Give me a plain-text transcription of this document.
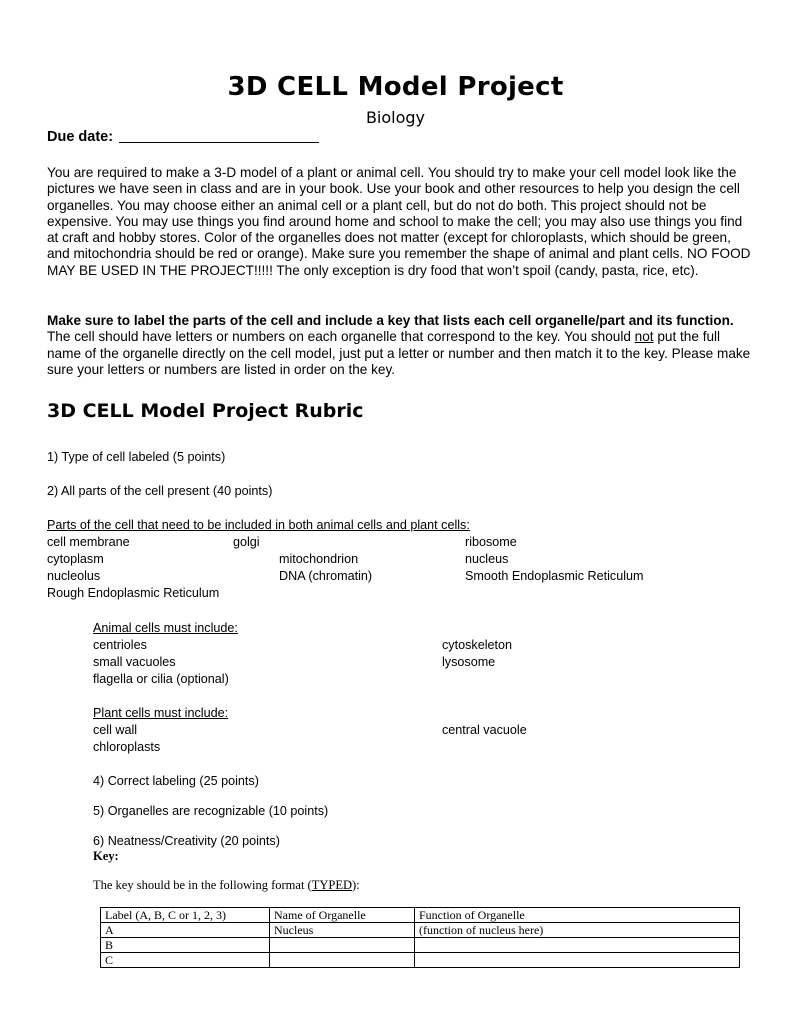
3D CELL Model Project
Biology
Due date:
You are required to make a 3-D model of a plant or animal cell. You should try to make your cell model look like the pictures we have seen in class and are in your book. Use your book and other resources to help you design the cell organelles. You may choose either an animal cell or a plant cell, but do not do both. This project should not be expensive. You may use things you find around home and school to make the cell; you may also use things you find at craft and hobby stores. Color of the organelles does not matter (except for chloroplasts, which should be green, and mitochondria should be red or orange). Make sure you remember the shape of animal and plant cells. NO FOOD MAY BE USED IN THE PROJECT!!!!! The only exception is dry food that won’t spoil (candy, pasta, rice, etc).
Make sure to label the parts of the cell and include a key that lists each cell organelle/part and its function. The cell should have letters or numbers on each organelle that correspond to the key. You should not put the full name of the organelle directly on the cell model, just put a letter or number and then match it to the key. Please make sure your letters or numbers are listed in order on the key.
3D CELL Model Project Rubric
1) Type of cell labeled (5 points)
2) All parts of the cell present (40 points)
Parts of the cell that need to be included in both animal cells and plant cells:
cell membrane	golgi	ribosome
cytoplasm	mitochondrion	nucleus
nucleolus	DNA (chromatin)	Smooth Endoplasmic Reticulum
Rough Endoplasmic Reticulum
Animal cells must include:
centrioles	cytoskeleton
small vacuoles	lysosome
flagella or cilia (optional)
Plant cells must include:
cell wall	central vacuole
chloroplasts
4) Correct labeling (25 points)
5) Organelles are recognizable (10 points)
6) Neatness/Creativity (20 points)
Key:
The key should be in the following format (TYPED):
Label (A, B, C or 1, 2, 3)	Name of Organelle	Function of Organelle
A	Nucleus	(function of nucleus here)
B		
C		
